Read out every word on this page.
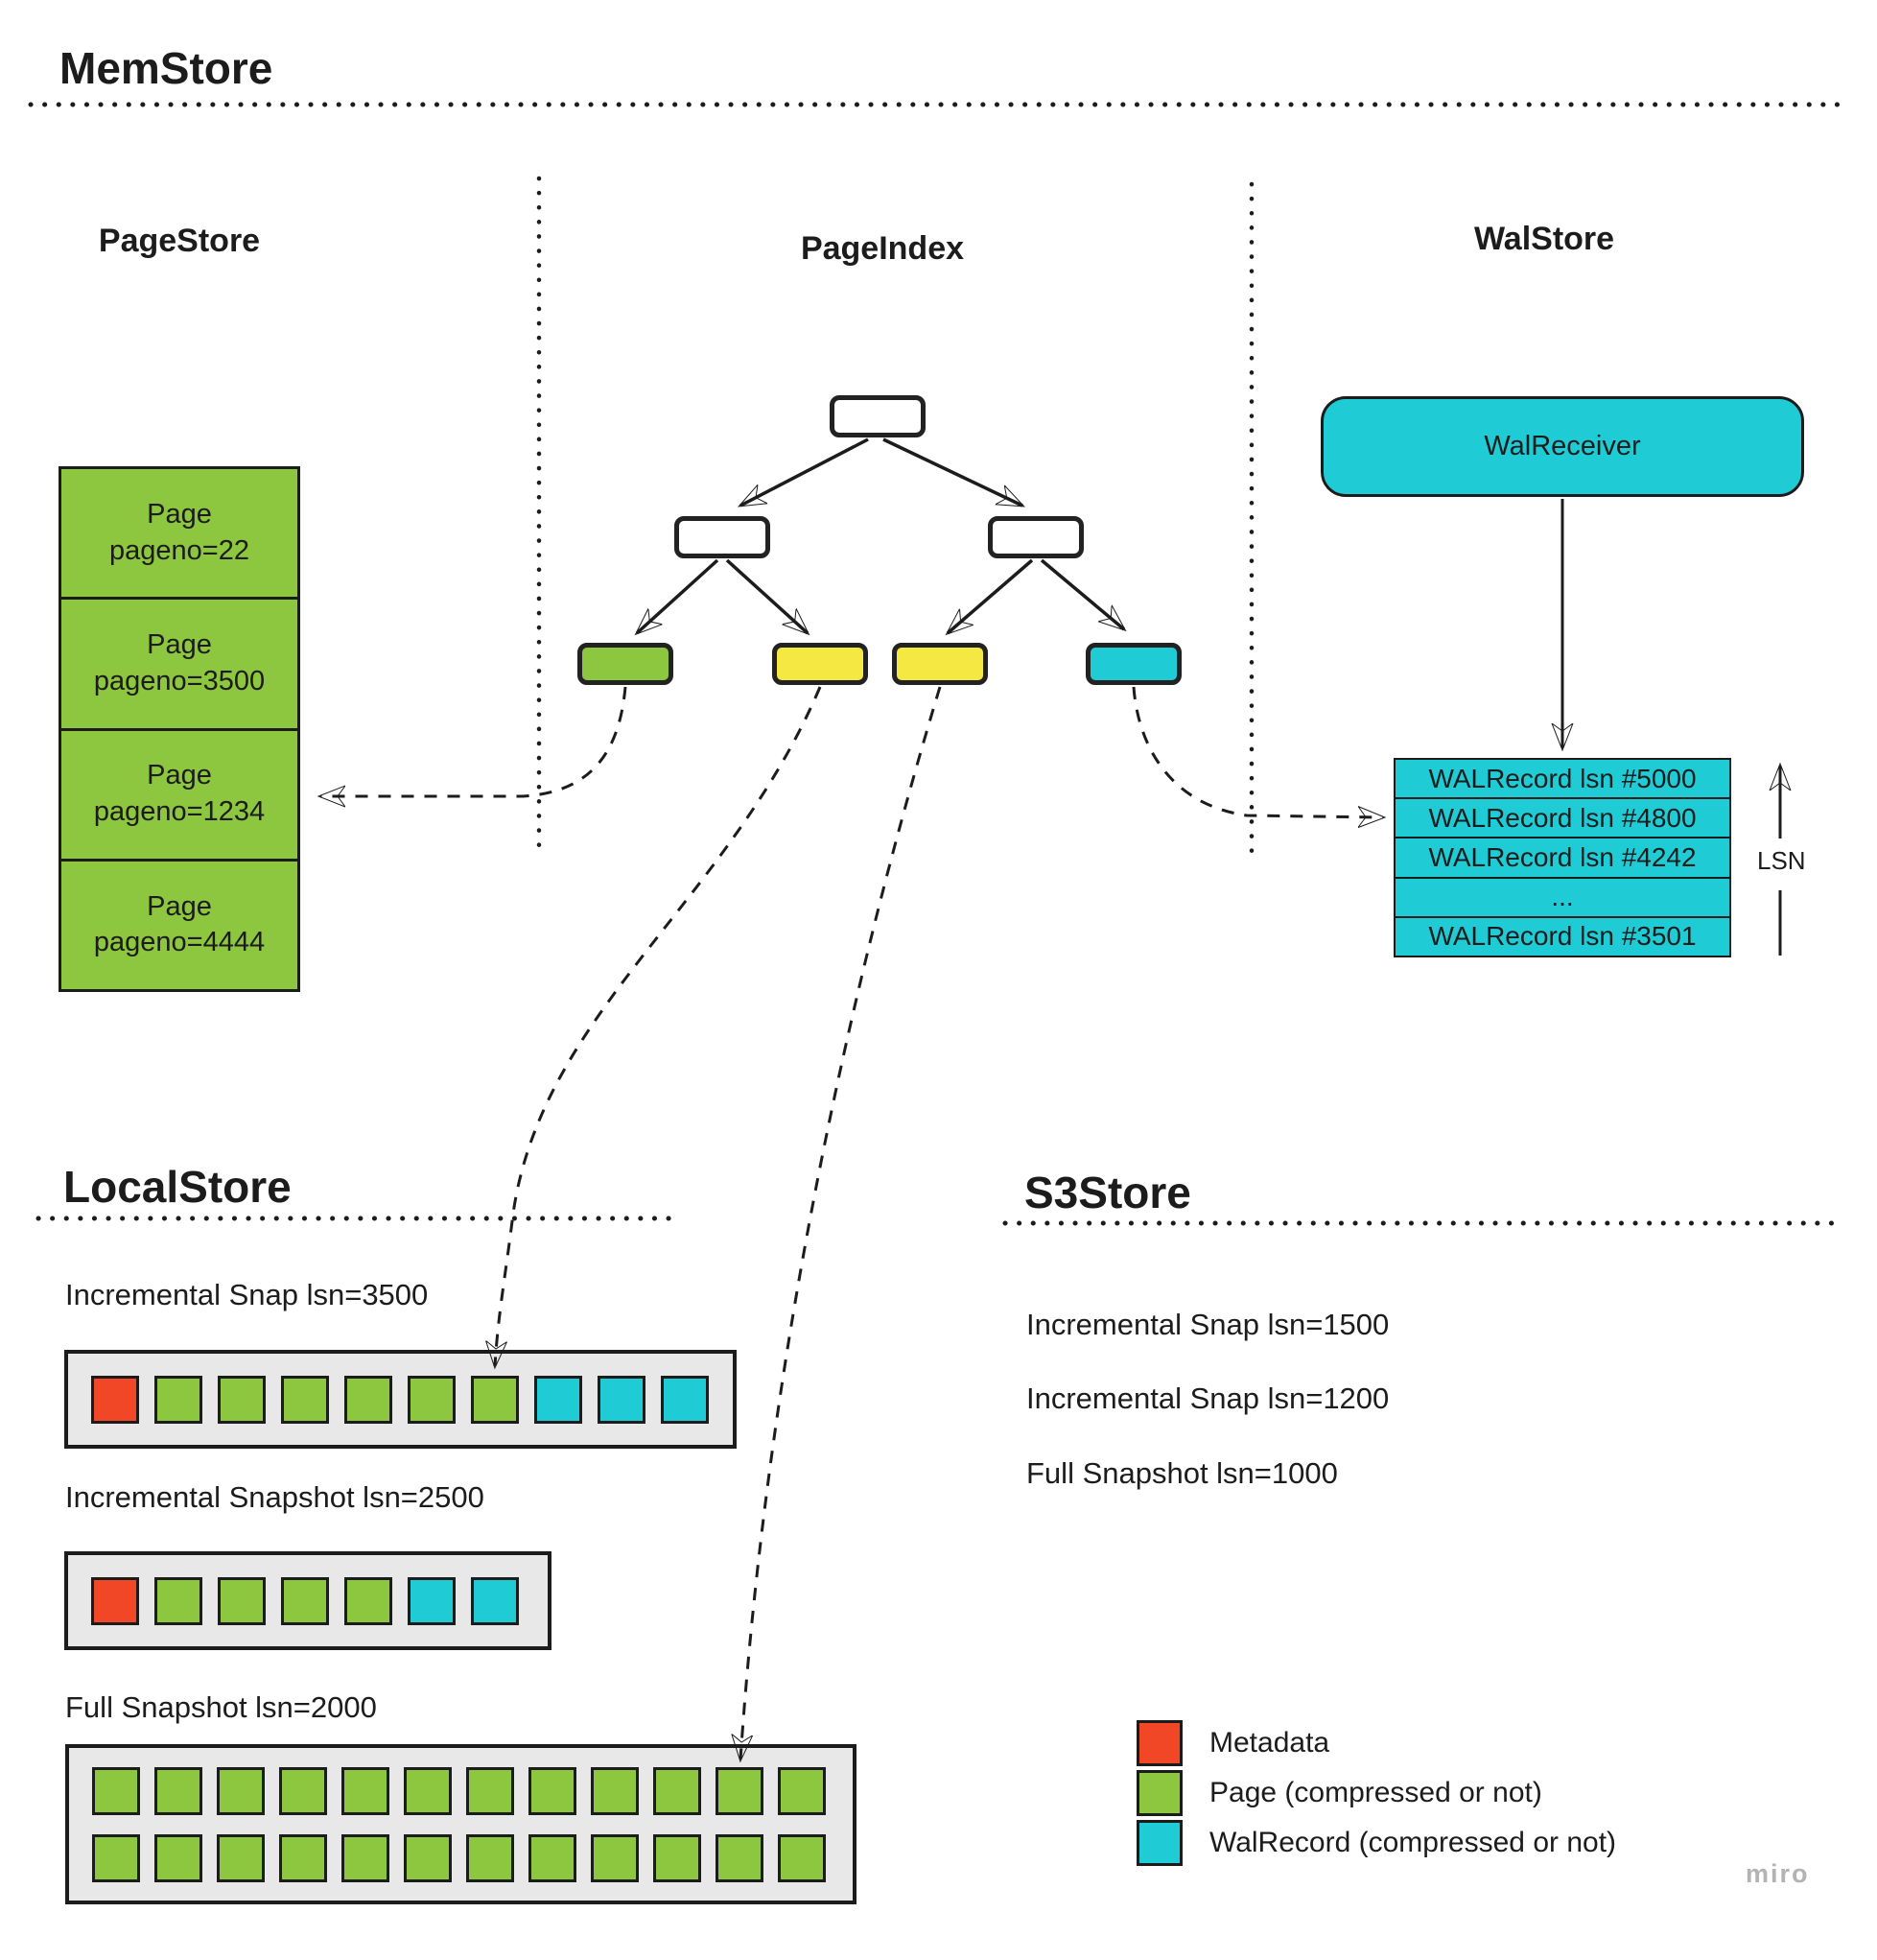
MemStore
LocalStore	S3Store
PageStore	PageIndex	WalStore
Page
pageno=22
Page
pageno=3500
Page
pageno=1234
Page
pageno=4444
WalReceiver
WALRecord lsn #5000
WALRecord lsn #4800
WALRecord lsn #4242
...
WALRecord lsn #3501
LSN
Incremental Snap lsn=3500
Incremental Snapshot lsn=2500
Full Snapshot lsn=2000
Incremental Snap lsn=1500
Incremental Snap lsn=1200
Full Snapshot lsn=1000
Metadata
Page (compressed or not)
WalRecord (compressed or not)
miro
